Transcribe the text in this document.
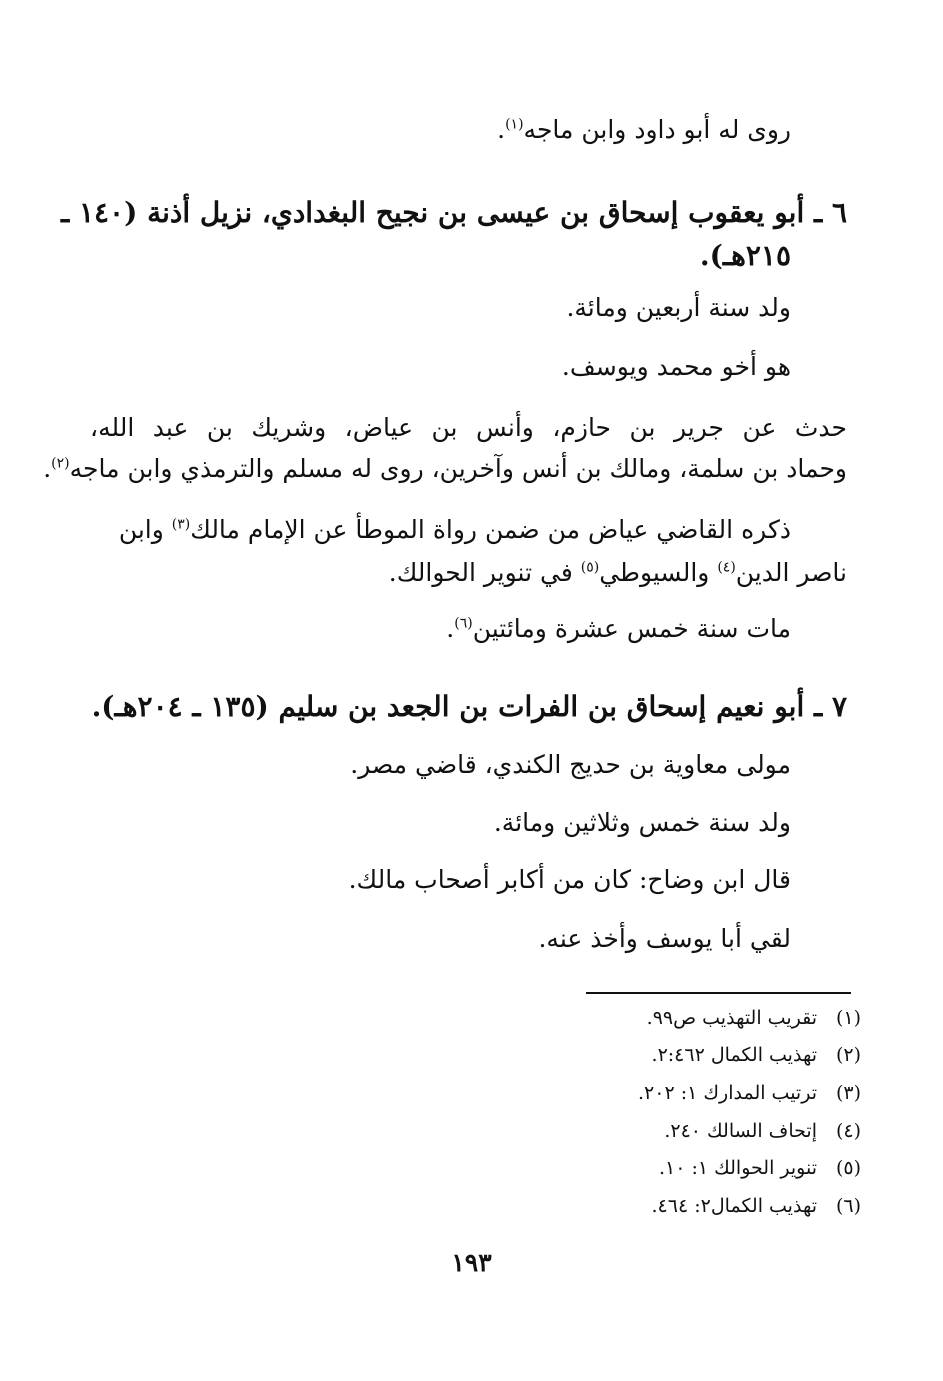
روى له أبو داود وابن ماجه$^{(١)}$.
٦ ـ أبو يعقوب إسحاق بن عيسى بن نجيح البغدادي، نزيل أذنة (١٤٠ ـ
٢١٥هـ).
ولد سنة أربعين ومائة.
هو أخو محمد ويوسف.
حدث عن جرير بن حازم، وأنس بن عياض، وشريك بن عبد الله،
وحماد بن سلمة، ومالك بن أنس وآخرين، روى له مسلم والترمذي وابن ماجه$^{(٢)}$.
ذكره القاضي عياض من ضمن رواة الموطأ عن الإمام مالك$^{(٣)}$ وابن
ناصر الدين$^{(٤)}$ والسيوطي$^{(٥)}$ في تنوير الحوالك.
مات سنة خمس عشرة ومائتين$^{(٦)}$.
٧ ـ أبو نعيم إسحاق بن الفرات بن الجعد بن سليم (١٣٥ ـ ٢٠٤هـ).
مولى معاوية بن حديج الكندي، قاضي مصر.
ولد سنة خمس وثلاثين ومائة.
قال ابن وضاح: كان من أكابر أصحاب مالك.
لقي أبا يوسف وأخذ عنه.
(١)تقريب التهذيب ص٩٩.
(٢)تهذيب الكمال ٢:٤٦٢.
(٣)ترتيب المدارك ١: ٢٠٢.
(٤)إتحاف السالك ٢٤٠.
(٥)تنوير الحوالك ١: ١٠.
(٦)تهذيب الكمال٢: ٤٦٤.
١٩٣
